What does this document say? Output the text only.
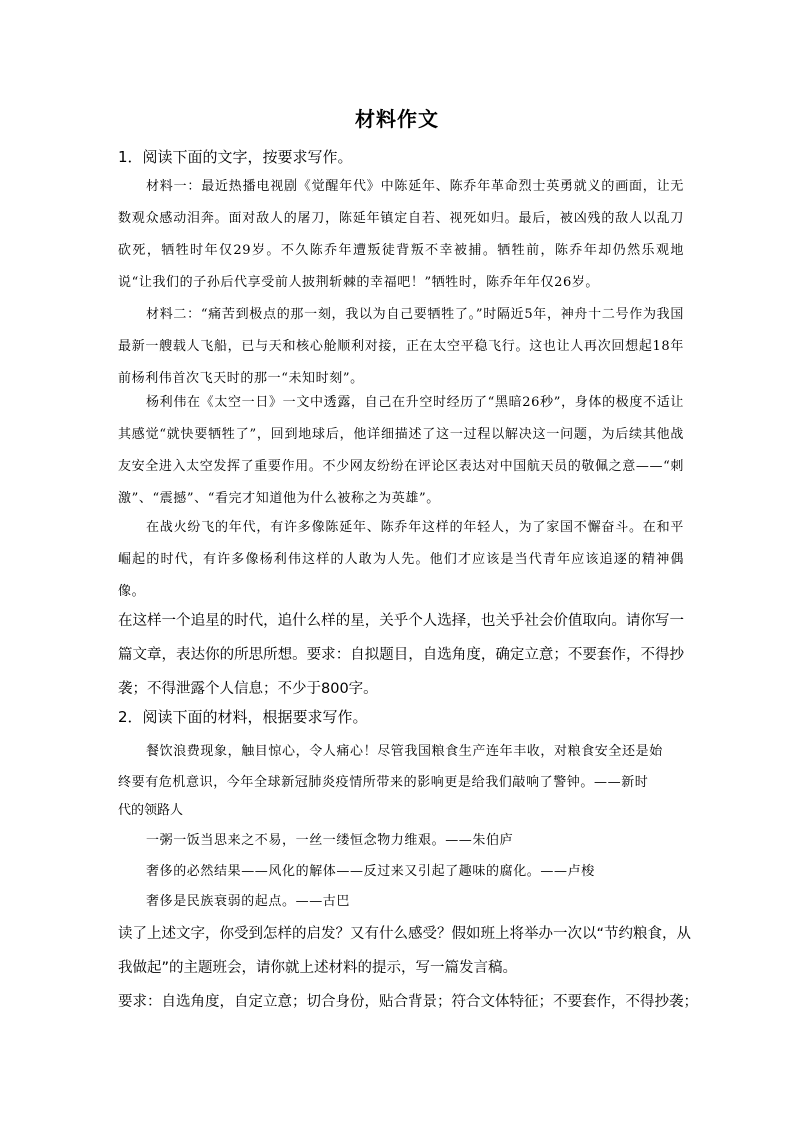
材料作文
1．阅读下面的文字，按要求写作。
材料一：最近热播电视剧《觉醒年代》中陈延年、陈乔年革命烈士英勇就义的画面，让无数观众感动泪奔。面对敌人的屠刀，陈延年镇定自若、视死如归。最后，被凶残的敌人以乱刀砍死，牺牲时年仅29岁。不久陈乔年遭叛徒背叛不幸被捕。牺牲前，陈乔年却仍然乐观地说“让我们的子孙后代享受前人披荆斩棘的幸福吧！”牺牲时，陈乔年年仅26岁。
材料二：“痛苦到极点的那一刻，我以为自己要牺牲了。”时隔近5年，神舟十二号作为我国最新一艘载人飞船，已与天和核心舱顺利对接，正在太空平稳飞行。这也让人再次回想起18年前杨利伟首次飞天时的那一“未知时刻”。
杨利伟在《太空一日》一文中透露，自己在升空时经历了“黑暗26秒”，身体的极度不适让其感觉“就快要牺牲了”，回到地球后，他详细描述了这一过程以解决这一问题，为后续其他战友安全进入太空发挥了重要作用。不少网友纷纷在评论区表达对中国航天员的敬佩之意——“刺激”、“震撼”、“看完才知道他为什么被称之为英雄”。
在战火纷飞的年代，有许多像陈延年、陈乔年这样的年轻人，为了家国不懈奋斗。在和平崛起的时代，有许多像杨利伟这样的人敢为人先。他们才应该是当代青年应该追逐的精神偶像。
在这样一个追星的时代，追什么样的星，关乎个人选择，也关乎社会价值取向。请你写一篇文章，表达你的所思所想。要求：自拟题目，自选角度，确定立意；不要套作，不得抄袭；不得泄露个人信息；不少于800字。
2．阅读下面的材料，根据要求写作。
餐饮浪费现象，触目惊心，令人痛心！尽管我国粮食生产连年丰收，对粮食安全还是始
终要有危机意识，今年全球新冠肺炎疫情所带来的影响更是给我们敲响了警钟。——新时
代的领路人
一粥一饭当思来之不易，一丝一缕恒念物力维艰。——朱伯庐
奢侈的必然结果——风化的解体——反过来又引起了趣味的腐化。——卢梭
奢侈是民族衰弱的起点。——古巴
读了上述文字，你受到怎样的启发？又有什么感受？假如班上将举办一次以“节约粮食，从
我做起”的主题班会，请你就上述材料的提示，写一篇发言稿。
要求：自选角度，自定立意；切合身份，贴合背景；符合文体特征；不要套作，不得抄袭；
